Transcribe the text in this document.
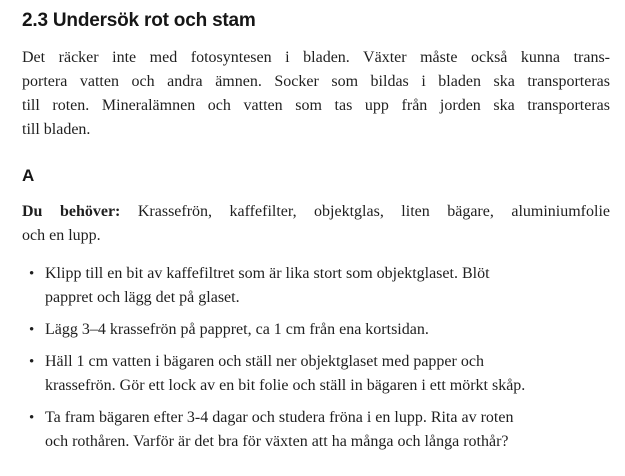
2.3 Undersök rot och stam
Det räcker inte med fotosyntesen i bladen. Växter måste också kunna trans-
portera vatten och andra ämnen. Socker som bildas i bladen ska transporteras
till roten. Mineralämnen och vatten som tas upp från jorden ska transporteras
till bladen.
A
Du behöver: Krassefrön, kaffefilter, objektglas, liten bägare, aluminiumfolie
och en lupp.
• Klipp till en bit av kaffefiltret som är lika stort som objektglaset. Blöt
pappret och lägg det på glaset.
• Lägg 3–4 krassefrön på pappret, ca 1 cm från ena kortsidan.
• Häll 1 cm vatten i bägaren och ställ ner objektglaset med papper och
krassefrön. Gör ett lock av en bit folie och ställ in bägaren i ett mörkt skåp.
• Ta fram bägaren efter 3-4 dagar och studera fröna i en lupp. Rita av roten
och rothåren. Varför är det bra för växten att ha många och långa rothår?
